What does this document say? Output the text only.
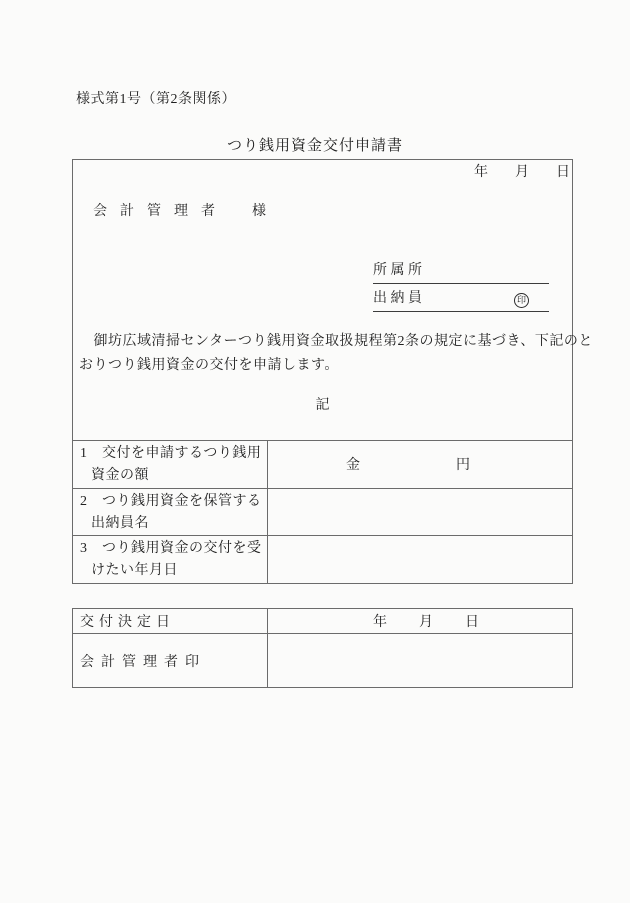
様式第1号（第2条関係）
つり銭用資金交付申請書
年 月 日
会計管理者 様
所属所
出納員	印
　御坊広域清掃センターつり銭用資金取扱規程第2条の規定に基づき、下記のと
おりつり銭用資金の交付を申請します。
記
1　交付を申請するつり銭用
資金の額
金	円
2　つり銭用資金を保管する
出納員名
3　つり銭用資金の交付を受
けたい年月日
交付決定日	年 月 日
会計管理者印
